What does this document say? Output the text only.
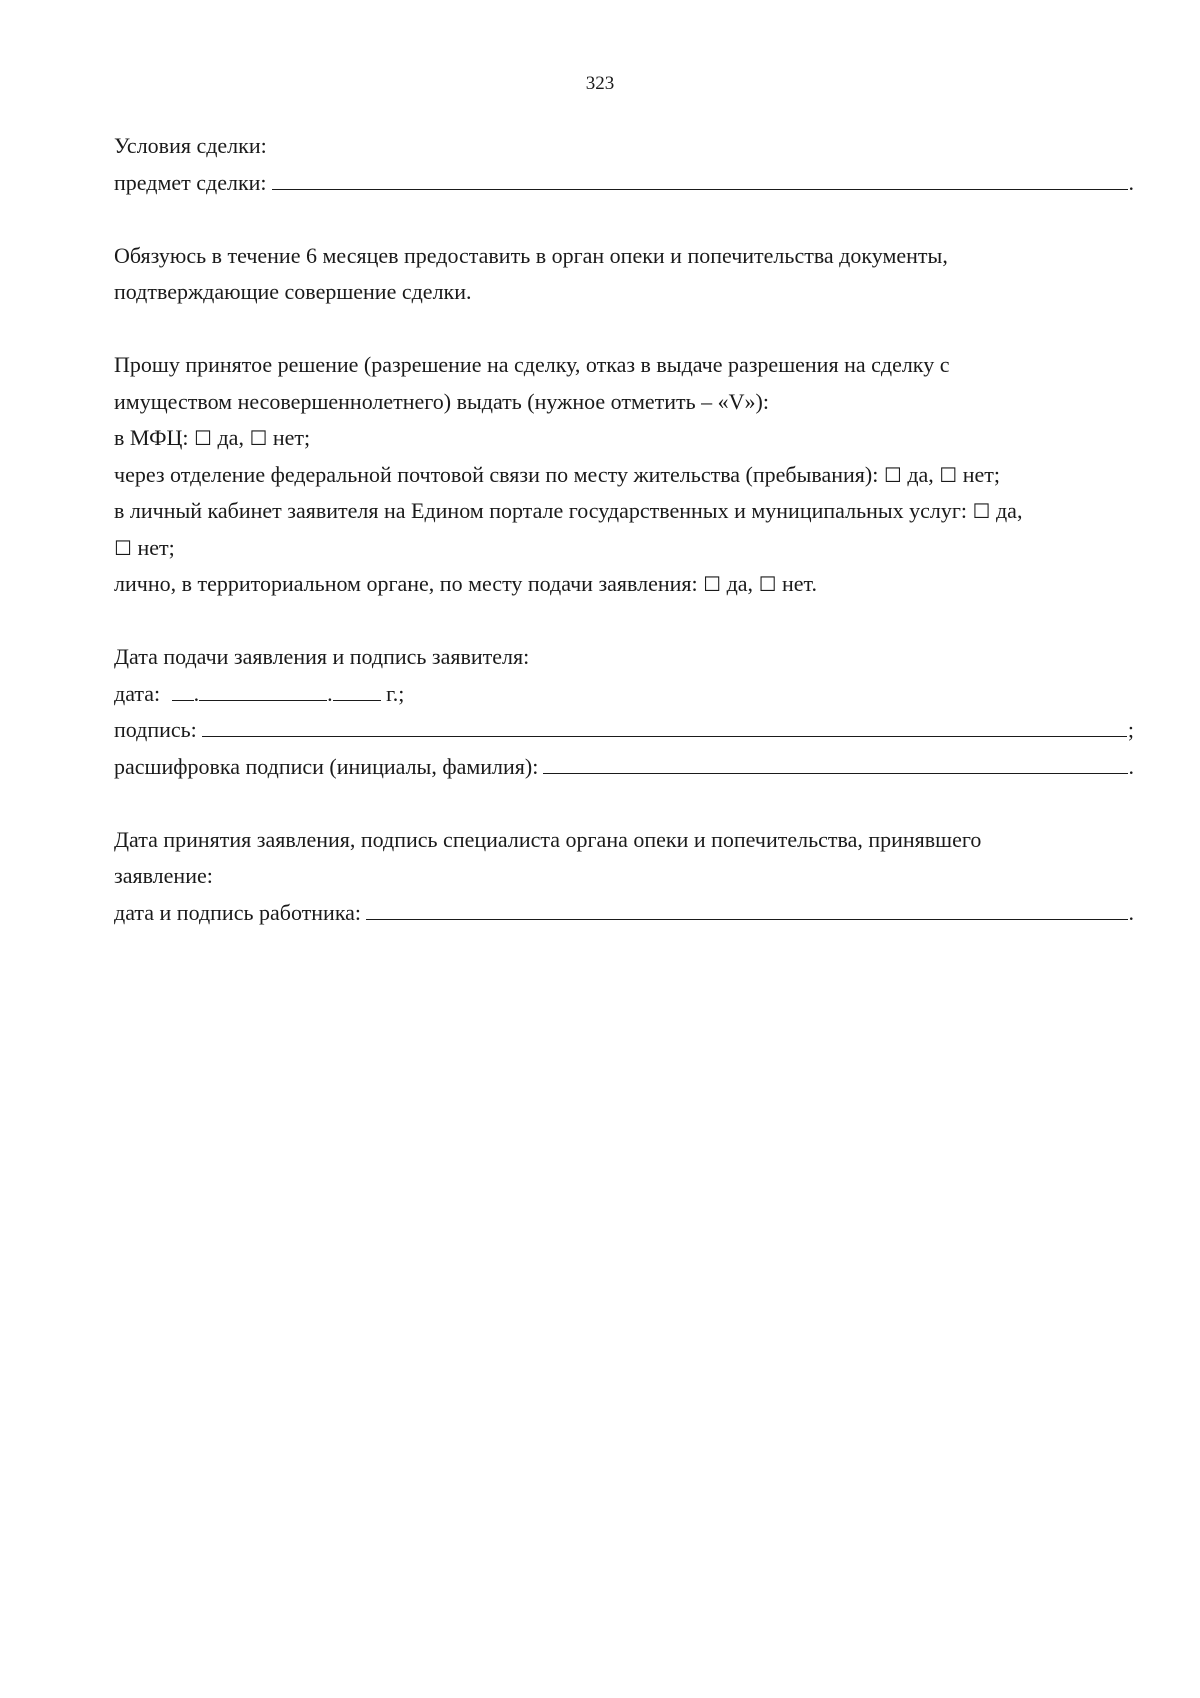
323
Условия сделки:
предмет сделки:	.
Обязуюсь в течение 6 месяцев предоставить в орган опеки и попечительства документы,
подтверждающие совершение сделки.
Прошу принятое решение (разрешение на сделку, отказ в выдаче разрешения на сделку с
имуществом несовершеннолетнего) выдать (нужное отметить – «V»):
в МФЦ: ☐ да, ☐ нет;
через отделение федеральной почтовой связи по месту жительства (пребывания): ☐ да, ☐ нет;
в личный кабинет заявителя на Едином портале государственных и муниципальных услуг: ☐ да,
☐ нет;
лично, в территориальном органе, по месту подачи заявления: ☐ да, ☐ нет.
Дата подачи заявления и подпись заявителя:
дата: .	. г.;
подпись:	;
расшифровка подписи (инициалы, фамилия):	.
Дата принятия заявления, подпись специалиста органа опеки и попечительства, принявшего
заявление:
дата и подпись работника:	.
